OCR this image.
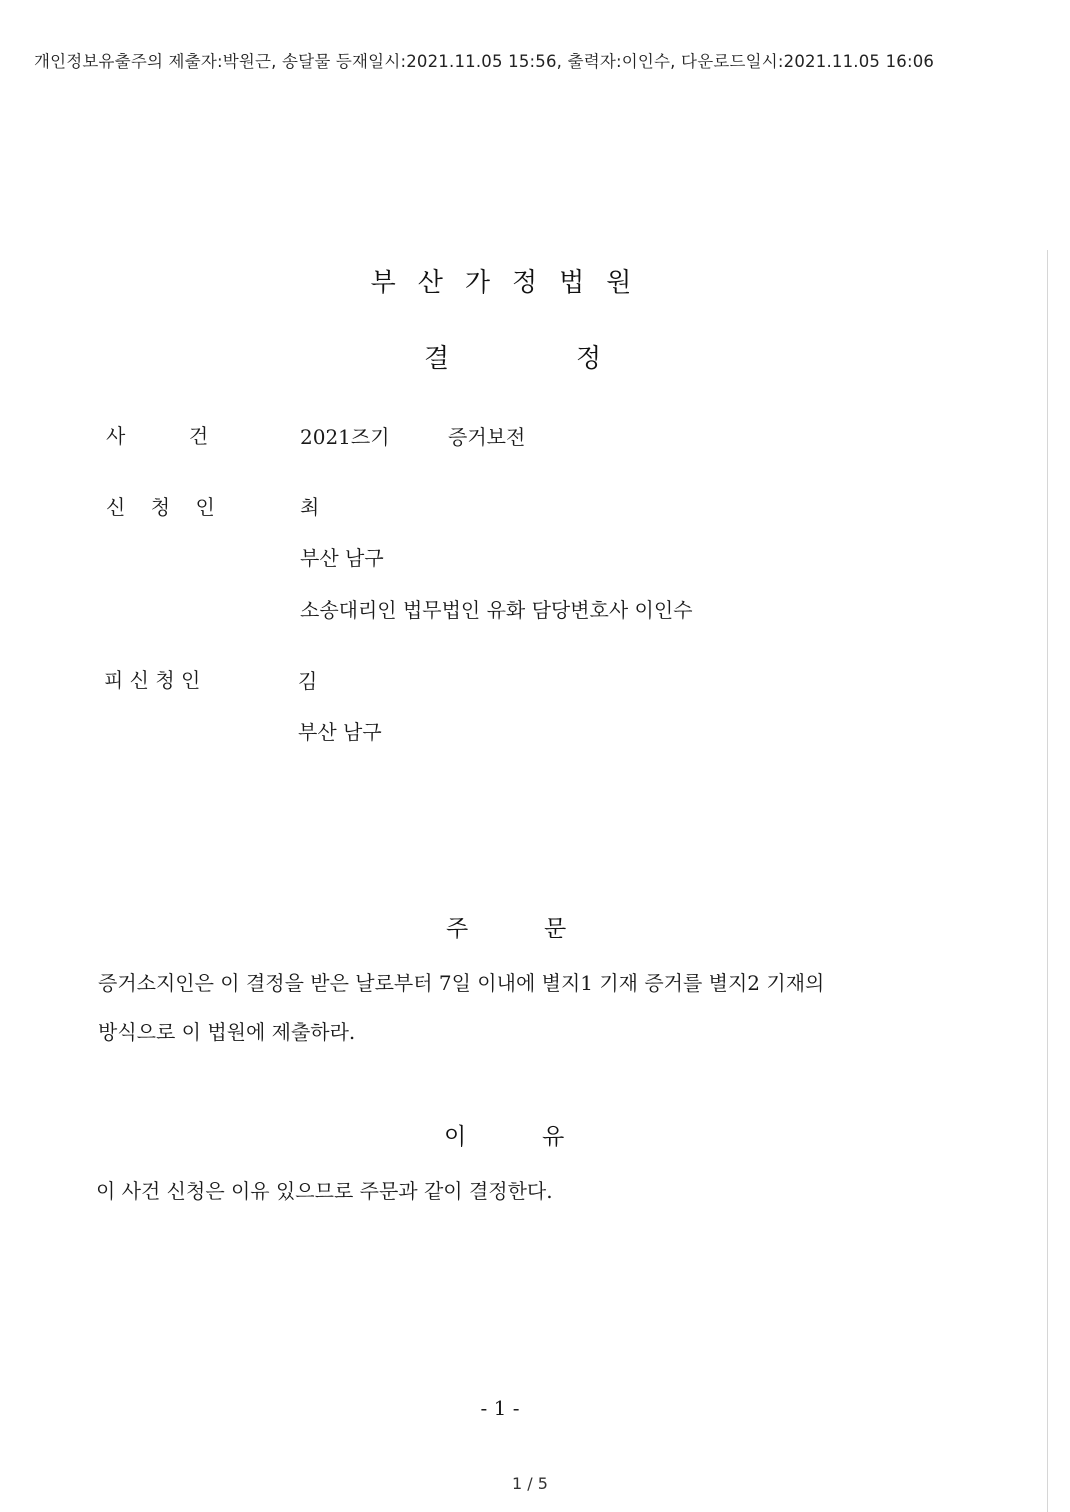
개인정보유출주의 제출자:박원근, 송달물 등재일시:2021.11.05 15:56, 출력자:이인수, 다운로드일시:2021.11.05 16:06
부산가정법원
결	정
사          건	2021즈기	증거보전
신    청    인	최
부산 남구
소송대리인 법무법인 유화 담당변호사 이인수
피 신 청 인	김
부산 남구
주	문
증거소지인은 이 결정을 받은 날로부터 7일 이내에 별지1 기재 증거를 별지2 기재의
방식으로 이 법원에 제출하라.
이	유
이 사건 신청은 이유 있으므로 주문과 같이 결정한다.
- 1 -
1 / 5
